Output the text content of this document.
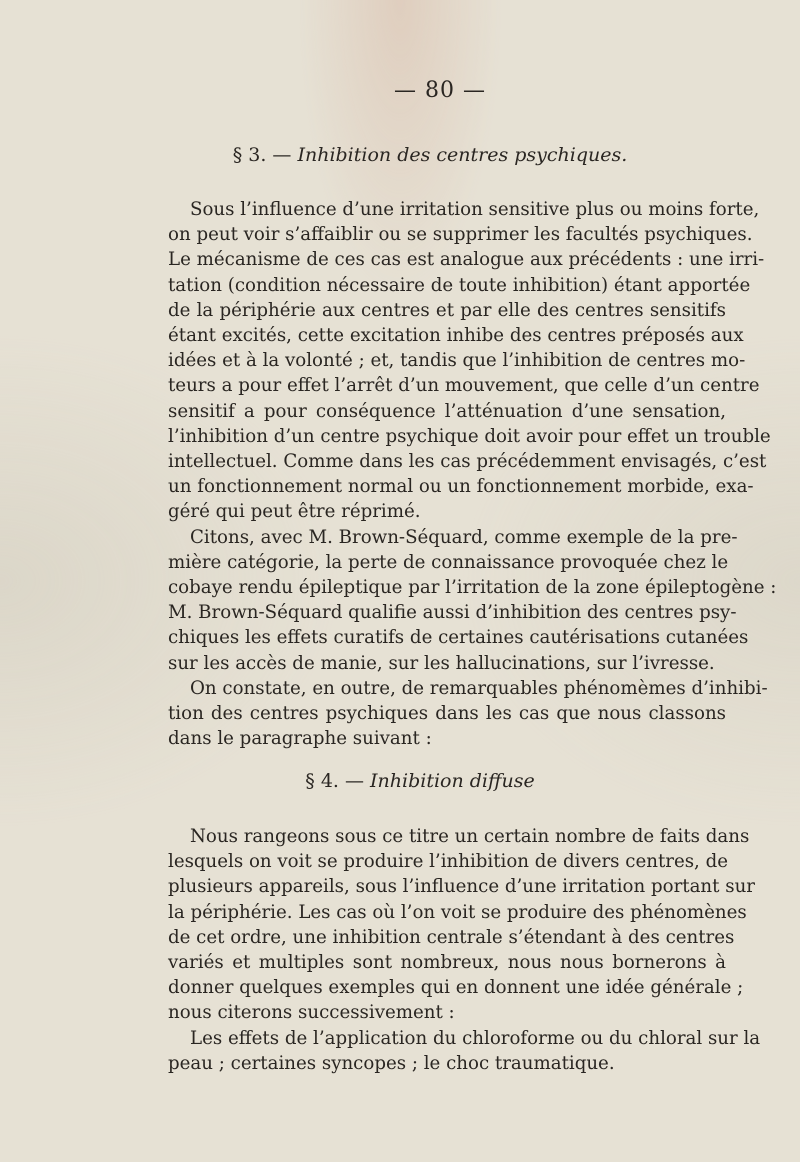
— 80 —
§ 3. — Inhibition des centres psychiques.
Sous l’influence d’une irritation sensitive plus ou moins forte,
on peut voir s’affaiblir ou se supprimer les facultés psychiques.
Le mécanisme de ces cas est analogue aux précédents : une irri-
tation (condition nécessaire de toute inhibition) étant apportée
de la périphérie aux centres et par elle des centres sensitifs
étant excités, cette excitation inhibe des centres préposés aux
idées et à la volonté ; et, tandis que l’inhibition de centres mo-
teurs a pour effet l’arrêt d’un mouvement, que celle d’un centre
sensitif a pour conséquence l’atténuation d’une sensation,
l’inhibition d’un centre psychique doit avoir pour effet un trouble
intellectuel. Comme dans les cas précédemment envisagés, c’est
un fonctionnement normal ou un fonctionnement morbide, exa-
géré qui peut être réprimé.
Citons, avec M. Brown-Séquard, comme exemple de la pre-
mière catégorie, la perte de connaissance provoquée chez le
cobaye rendu épileptique par l’irritation de la zone épileptogène :
M. Brown-Séquard qualifie aussi d’inhibition des centres psy-
chiques les effets curatifs de certaines cautérisations cutanées
sur les accès de manie, sur les hallucinations, sur l’ivresse.
On constate, en outre, de remarquables phénomèmes d’inhibi-
tion des centres psychiques dans les cas que nous classons
dans le paragraphe suivant :
§ 4. — Inhibition diffuse
Nous rangeons sous ce titre un certain nombre de faits dans
lesquels on voit se produire l’inhibition de divers centres, de
plusieurs appareils, sous l’influence d’une irritation portant sur
la périphérie. Les cas où l’on voit se produire des phénomènes
de cet ordre, une inhibition centrale s’étendant à des centres
variés et multiples sont nombreux, nous nous bornerons à
donner quelques exemples qui en donnent une idée générale ;
nous citerons successivement :
Les effets de l’application du chloroforme ou du chloral sur la
peau ; certaines syncopes ; le choc traumatique.
